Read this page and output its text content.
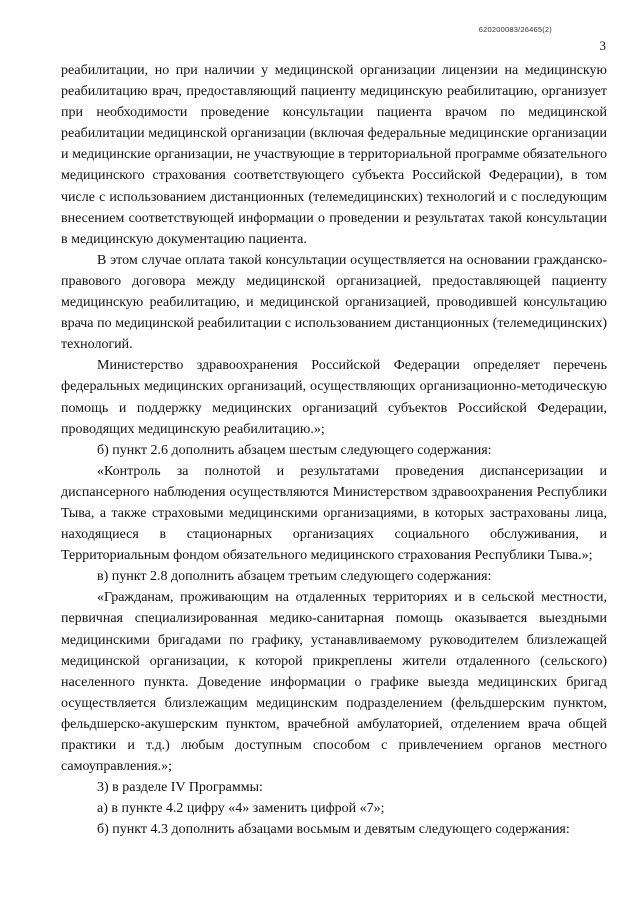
620200083/26465(2)
3

реабилитации, но при наличии у медицинской организации лицензии на медицинскую реабилитацию врач, предоставляющий пациенту медицинскую реабилитацию, организует при необходимости проведение консультации пациента врачом по медицинской реабилитации медицинской организации (включая федеральные медицинские организации и медицинские организации, не участвующие в территориальной программе обязательного медицинского страхования соответствующего субъекта Российской Федерации), в том числе с использованием дистанционных (телемедицинских) технологий и с последующим внесением соответствующей информации о проведении и результатах такой консультации в медицинскую документацию пациента.

В этом случае оплата такой консультации осуществляется на основании гражданско-правового договора между медицинской организацией, предоставляющей пациенту медицинскую реабилитацию, и медицинской организацией, проводившей консультацию врача по медицинской реабилитации с использованием дистанционных (телемедицинских) технологий.

Министерство здравоохранения Российской Федерации определяет перечень федеральных медицинских организаций, осуществляющих организационно-методическую помощь и поддержку медицинских организаций субъектов Российской Федерации, проводящих медицинскую реабилитацию.»;

б) пункт 2.6 дополнить абзацем шестым следующего содержания:

«Контроль за полнотой и результатами проведения диспансеризации и диспансерного наблюдения осуществляются Министерством здравоохранения Республики Тыва, а также страховыми медицинскими организациями, в которых застрахованы лица, находящиеся в стационарных организациях социального обслуживания, и Территориальным фондом обязательного медицинского страхования Республики Тыва.»;

в) пункт 2.8 дополнить абзацем третьим следующего содержания:

«Гражданам, проживающим на отдаленных территориях и в сельской местности, первичная специализированная медико-санитарная помощь оказывается выездными медицинскими бригадами по графику, устанавливаемому руководителем близлежащей медицинской организации, к которой прикреплены жители отдаленного (сельского) населенного пункта. Доведение информации о графике выезда медицинских бригад осуществляется близлежащим медицинским подразделением (фельдшерским пунктом, фельдшерско-акушерским пунктом, врачебной амбулаторией, отделением врача общей практики и т.д.) любым доступным способом с привлечением органов местного самоуправления.»;

3) в разделе IV Программы:

а) в пункте 4.2 цифру «4» заменить цифрой «7»;

б) пункт 4.3 дополнить абзацами восьмым и девятым следующего содержания:
